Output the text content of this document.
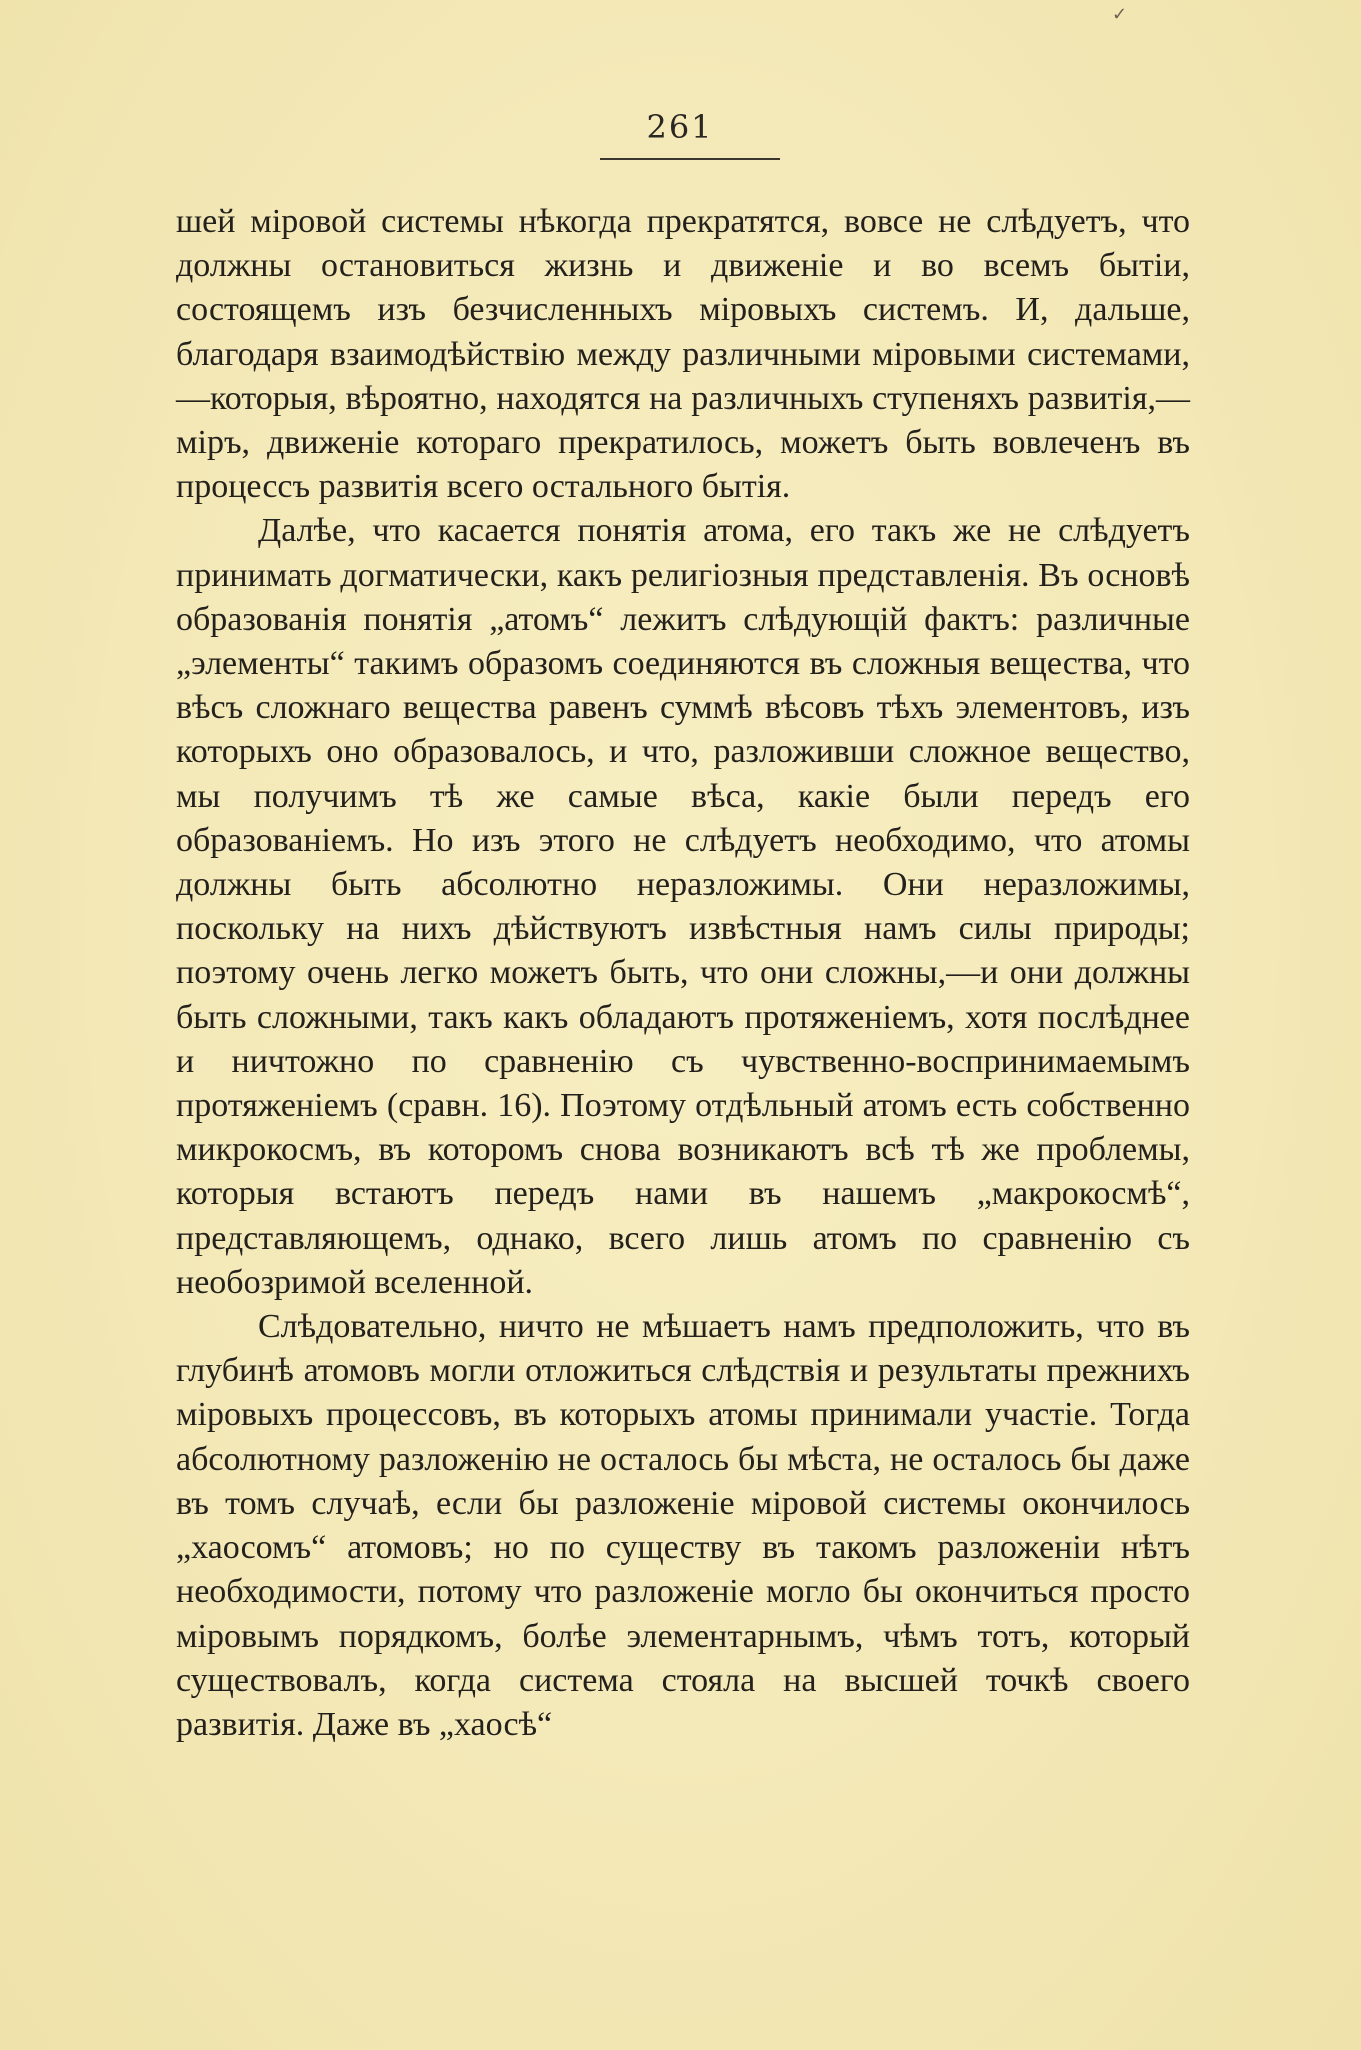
✓
261

шей міровой системы нѣкогда прекратятся, вовсе не слѣдуетъ, что должны остановиться жизнь и движеніе и во всемъ бытіи, состоящемъ изъ безчисленныхъ міровыхъ системъ. И, дальше, благодаря взаимодѣйствію между различными міровыми системами,—которыя, вѣроятно, находятся на различныхъ ступеняхъ развитія,—міръ, движеніе котораго прекратилось, можетъ быть вовлеченъ въ процессъ развитія всего остального бытія.

Далѣе, что касается понятія атома, его такъ же не слѣдуетъ принимать догматически, какъ религіозныя представленія. Въ основѣ образованія понятія „атомъ“ лежитъ слѣдующій фактъ: различные „элементы“ такимъ образомъ соединяются въ сложныя вещества, что вѣсъ сложнаго вещества равенъ суммѣ вѣсовъ тѣхъ элементовъ, изъ которыхъ оно образовалось, и что, разложивши сложное вещество, мы получимъ тѣ же самые вѣса, какіе были передъ его образованіемъ. Но изъ этого не слѣдуетъ необходимо, что атомы должны быть абсолютно неразложимы. Они неразложимы, поскольку на нихъ дѣйствуютъ извѣстныя намъ силы природы; поэтому очень легко можетъ быть, что они сложны,—и они должны быть сложными, такъ какъ обладаютъ протяженіемъ, хотя послѣднее и ничтожно по сравненію съ чувственно-воспринимаемымъ протяженіемъ (сравн. 16). Поэтому отдѣльный атомъ есть собственно микрокосмъ, въ которомъ снова возникаютъ всѣ тѣ же проблемы, которыя встаютъ передъ нами въ нашемъ „макрокосмѣ“, представляющемъ, однако, всего лишь атомъ по сравненію съ необозримой вселенной.

Слѣдовательно, ничто не мѣшаетъ намъ предположить, что въ глубинѣ атомовъ могли отложиться слѣдствія и результаты прежнихъ міровыхъ процессовъ, въ которыхъ атомы принимали участіе. Тогда абсолютному разложенію не осталось бы мѣста, не осталось бы даже въ томъ случаѣ, если бы разложеніе міровой системы окончилось „хаосомъ“ атомовъ; но по существу въ такомъ разложеніи нѣтъ необходимости, потому что разложеніе могло бы окончиться просто міровымъ порядкомъ, болѣе элементарнымъ, чѣмъ тотъ, который существовалъ, когда система стояла на высшей точкѣ своего развитія. Даже въ „хаосѣ“
